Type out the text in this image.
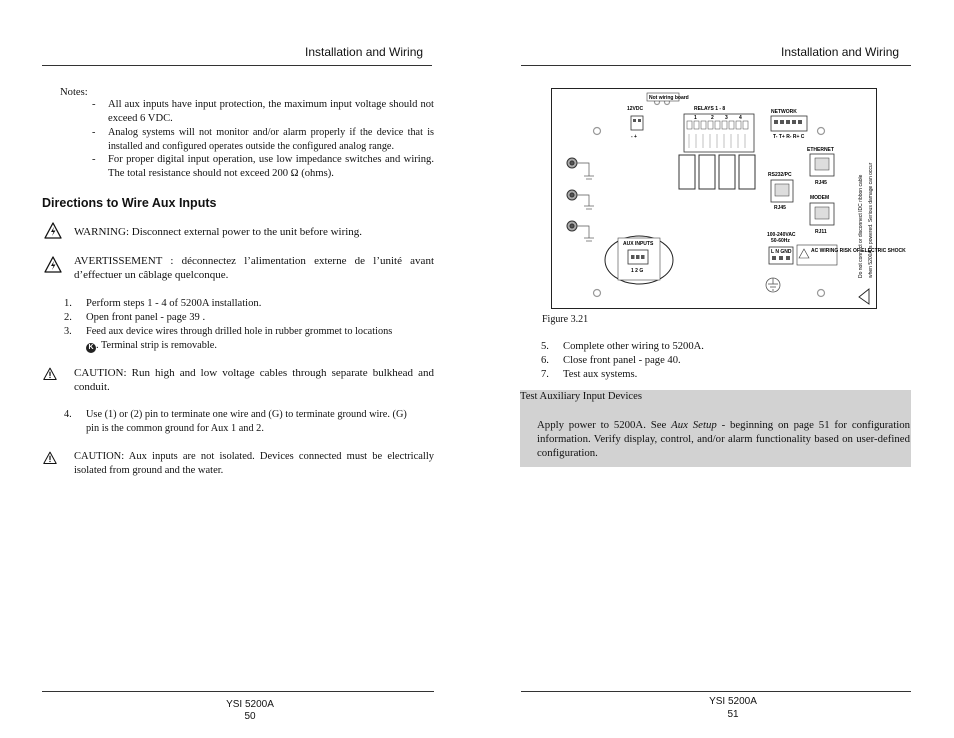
Installation and Wiring
Notes:
- All aux inputs have input protection, the maximum input voltage should not exceed 6 VDC.
- Analog systems will not monitor and/or alarm properly if the device that is installed and configured operates outside the configured analog range.
- For proper digital input operation, use low impedance switches and wiring. The total resistance should not exceed 200 Ω (ohms).
Directions to Wire Aux Inputs
WARNING: Disconnect external power to the unit before wiring.
AVERTISSEMENT : déconnectez l’alimentation externe de l’unité avant d’effectuer un câblage quelconque.
1. Perform steps 1 - 4 of 5200A installation.
2. Open front panel - page 39 .
3. Feed aux device wires through drilled hole in rubber grommet to locations
K . Terminal strip is removable.
CAUTION: Run high and low voltage cables through separate bulkhead and conduit.
4. Use (1) or (2) pin to terminate one wire and (G) to terminate ground wire. (G) pin is the common ground for Aux 1 and 2.
CAUTION: Aux inputs are not isolated. Devices connected must be electrically isolated from ground and the water.
YSI 5200A
50
Installation and Wiring
Not wiring board
12VDC
- +
RELAYS 1 - 8
1	2 3 4
NETWORK
T- T+ R- R+ C
ETHERNET
RJ45
RS232/PC
RJ45
MODEM
RJ11
100-240VAC
50-60Hz
L N GND	AC WIRING RISK OF ELECTRIC SHOCK
AUX INPUTS
1 2 G	Do not connect or disconnect IDC ribbon cable when 5200A is powered. Serious damage can occur
Figure 3.21
5. Complete other wiring to 5200A.
6. Close front panel - page 40.
7. Test aux systems.
Test Auxiliary Input Devices
Apply power to 5200A. See Aux Setup - beginning on page 51 for configuration information. Verify display, control, and/or alarm functionality based on user-defined configuration.
YSI 5200A
51
